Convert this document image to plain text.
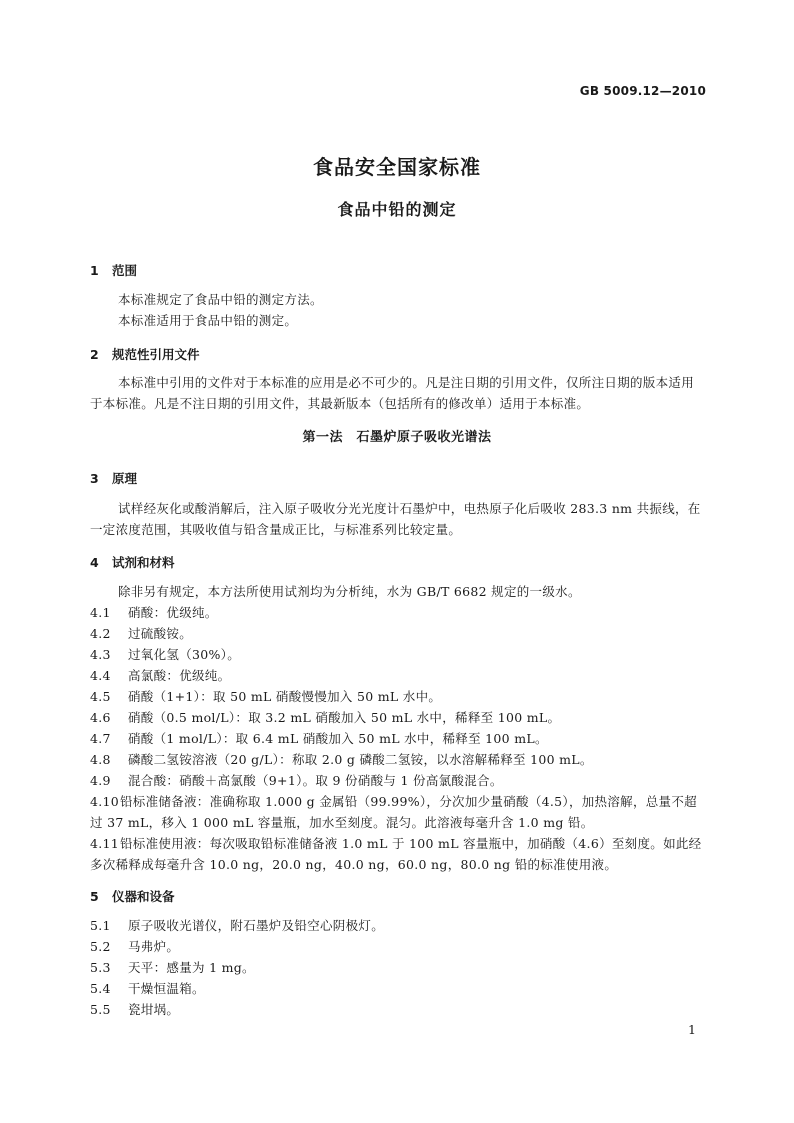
GB 5009.12—2010
食品安全国家标准
食品中铅的测定
1 范围
本标准规定了食品中铅的测定方法。
本标准适用于食品中铅的测定。
2 规范性引用文件
本标准中引用的文件对于本标准的应用是必不可少的。凡是注日期的引用文件，仅所注日期的版本适用于本标准。凡是不注日期的引用文件，其最新版本（包括所有的修改单）适用于本标准。
第一法　石墨炉原子吸收光谱法
3 原理
试样经灰化或酸消解后，注入原子吸收分光光度计石墨炉中，电热原子化后吸收 283.3 nm 共振线，在一定浓度范围，其吸收值与铅含量成正比，与标准系列比较定量。
4 试剂和材料
除非另有规定，本方法所使用试剂均为分析纯，水为 GB/T 6682 规定的一级水。
4.1 硝酸：优级纯。
4.2 过硫酸铵。
4.3 过氧化氢（30%）。
4.4 高氯酸：优级纯。
4.5 硝酸（1+1）：取 50 mL 硝酸慢慢加入 50 mL 水中。
4.6 硝酸（0.5 mol/L）：取 3.2 mL 硝酸加入 50 mL 水中，稀释至 100 mL。
4.7 硝酸（1 mol/L）：取 6.4 mL 硝酸加入 50 mL 水中，稀释至 100 mL。
4.8 磷酸二氢铵溶液（20 g/L）：称取 2.0 g 磷酸二氢铵，以水溶解稀释至 100 mL。
4.9 混合酸：硝酸＋高氯酸（9+1）。取 9 份硝酸与 1 份高氯酸混合。
4.10铅标准储备液：准确称取 1.000 g 金属铅（99.99%），分次加少量硝酸（4.5），加热溶解，总量不超过 37 mL，移入 1 000 mL 容量瓶，加水至刻度。混匀。此溶液每毫升含 1.0 mg 铅。
4.11铅标准使用液：每次吸取铅标准储备液 1.0 mL 于 100 mL 容量瓶中，加硝酸（4.6）至刻度。如此经多次稀释成每毫升含 10.0 ng，20.0 ng，40.0 ng，60.0 ng，80.0 ng 铅的标准使用液。
5 仪器和设备
5.1 原子吸收光谱仪，附石墨炉及铅空心阴极灯。
5.2 马弗炉。
5.3 天平：感量为 1 mg。
5.4 干燥恒温箱。
5.5 瓷坩埚。
1
